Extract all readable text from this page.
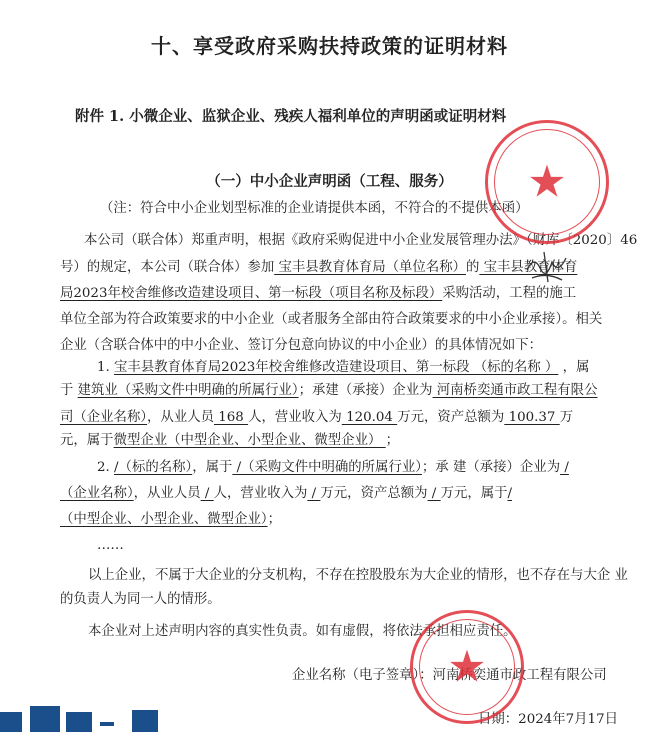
十、享受政府采购扶持政策的证明材料
附件 1. 小微企业、监狱企业、残疾人福利单位的声明函或证明材料
（一）中小企业声明函（工程、服务）
（注：符合中小企业划型标准的企业请提供本函，不符合的不提供本函）
本公司（联合体）郑重声明，根据《政府采购促进中小企业发展管理办法》（财库〔2020〕46
号）的规定，本公司（联合体）参加 宝丰县教育体育局（单位名称）的 宝丰县教育体育
局2023年校舍维修改造建设项目、第一标段（项目名称及标段）采购活动，工程的施工
单位全部为符合政策要求的中小企业（或者服务全部由符合政策要求的中小企业承接）。相关
企业（含联合体中的中小企业、签订分包意向协议的中小企业）的具体情况如下：
1. 宝丰县教育体育局2023年校舍维修改造建设项目、第一标段 （标的名称 ） ，属
于 建筑业（采购文件中明确的所属行业）；承建（承接）企业为 河南桥奕通市政工程有限公
司（企业名称），从业人员 168 人，营业收入为 120.04 万元，资产总额为 100.37 万
元，属于微型企业（中型企业、小型企业、微型企业） ；
2. /（标的名称），属于 /（采购文件中明确的所属行业）；承 建（承接）企业为 /
（企业名称），从业人员 / 人，营业收入为 / 万元，资产总额为 / 万元，属于/
（中型企业、小型企业、微型企业）；
……
以上企业，不属于大企业的分支机构，不存在控股股东为大企业的情形，也不存在与大企 业
的负责人为同一人的情形。
本企业对上述声明内容的真实性负责。如有虚假，将依法承担相应责任。
企业名称（电子签章）：河南桥奕通市政工程有限公司
日期：2024年7月17日
★
★
